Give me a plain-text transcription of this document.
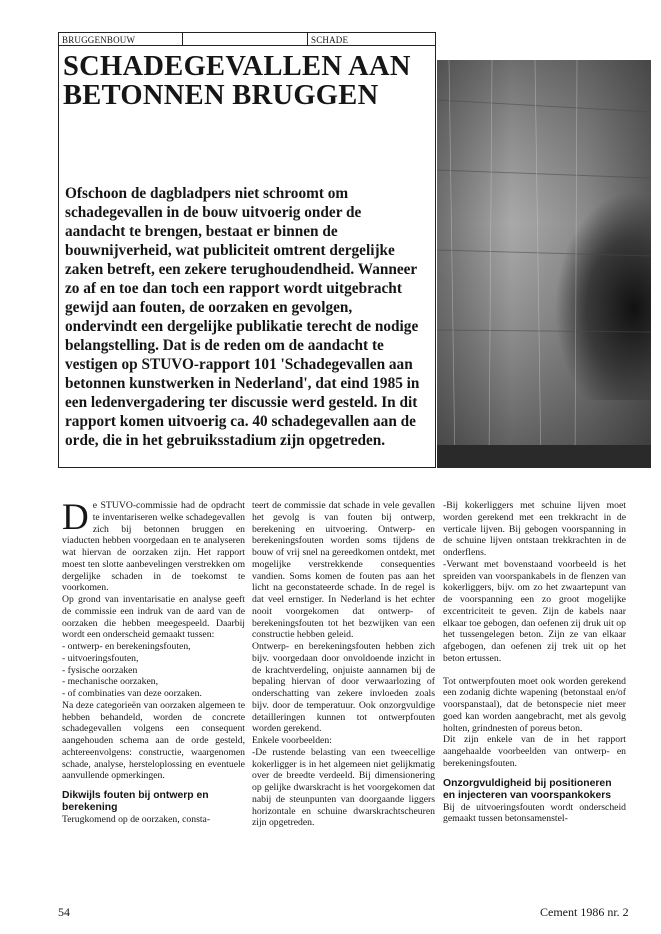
BRUGGENBOUW	SCHADE
SCHADEGEVALLEN AAN
BETONNEN BRUGGEN

Ofschoon de dagbladpers niet schroomt om schadegevallen in de bouw uitvoerig onder de aandacht te brengen, bestaat er binnen de bouwnijverheid, wat publiciteit omtrent dergelijke zaken betreft, een zekere terughoudendheid. Wanneer zo af en toe dan toch een rapport wordt uitgebracht gewijd aan fouten, de oorzaken en gevolgen, ondervindt een dergelijke publikatie terecht de nodige belangstelling. Dat is de reden om de aandacht te vestigen op STUVO-rapport 101 'Schadegevallen aan betonnen kunstwerken in Nederland', dat eind 1985 in een ledenvergadering ter discussie werd gesteld. In dit rapport komen uitvoerig ca. 40 schadegevallen aan de orde, die in het gebruiksstadium zijn opgetreden.

D e STUVO-commissie had de opdracht te inventariseren welke schadegevallen zich bij betonnen bruggen en viaducten hebben voorgedaan en te analyseren wat hiervan de oorzaken zijn. Het rapport moest ten slotte aanbevelingen verstrekken om dergelijke schaden in de toekomst te voorkomen.

Op grond van inventarisatie en analyse geeft de commissie een indruk van de aard van de oorzaken die hebben meegespeeld. Daarbij wordt een onderscheid gemaakt tussen:

- ontwerp- en berekeningsfouten,
- uitvoeringsfouten,
- fysische oorzaken
- mechanische oorzaken,
- of combinaties van deze oorzaken.

Na deze categorieën van oorzaken algemeen te hebben behandeld, worden de concrete schadegevallen volgens een consequent aangehouden schema aan de orde gesteld, achtereenvolgens: constructie, waargenomen schade, analyse, hersteloplossing en eventuele aanvullende opmerkingen.

Dikwijls fouten bij ontwerp en berekening

Terugkomend op de oorzaken, consta-

teert de commissie dat schade in vele gevallen het gevolg is van fouten bij ontwerp, berekening en uitvoering. Ontwerp- en berekeningsfouten worden soms tijdens de bouw of vrij snel na gereedkomen ontdekt, met mogelijke verstrekkende consequenties vandien. Soms komen de fouten pas aan het licht na geconstateerde schade. In de regel is dat veel ernstiger. In Nederland is het echter nooit voorgekomen dat ontwerp- of berekeningsfouten tot het bezwijken van een constructie hebben geleid.

Ontwerp- en berekeningsfouten hebben zich bijv. voorgedaan door onvoldoende inzicht in de krachtverdeling, onjuiste aannamen bij de bepaling hiervan of door verwaarlozing of onderschatting van zekere invloeden zoals bijv. door de temperatuur. Ook onzorgvuldige detailleringen kunnen tot ontwerpfouten worden gerekend.

Enkele voorbeelden:

-De rustende belasting van een tweecellige kokerligger is in het algemeen niet gelijkmatig over de breedte verdeeld. Bij dimensionering op gelijke dwarskracht is het voorgekomen dat nabij de steunpunten van doorgaande liggers horizontale en schuine dwarskrachtscheuren zijn opgetreden.

-Bij kokerliggers met schuine lijven moet worden gerekend met een trekkracht in de verticale lijven. Bij gebogen voorspanning in de schuine lijven ontstaan trekkrachten in de onderflens.

-Verwant met bovenstaand voorbeeld is het spreiden van voorspankabels in de flenzen van kokerliggers, bijv. om zo het zwaartepunt van de voorspanning een zo groot mogelijke excentriciteit te geven. Zijn de kabels naar elkaar toe gebogen, dan oefenen zij druk uit op het tussengelegen beton. Zijn ze van elkaar afgebogen, dan oefenen zij trek uit op het beton ertussen.

Tot ontwerpfouten moet ook worden gerekend een zodanig dichte wapening (betonstaal en/of voorspanstaal), dat de betonspecie niet meer goed kan worden aangebracht, met als gevolg holten, grindnesten of poreus beton.

Dit zijn enkele van de in het rapport aangehaalde voorbeelden van ontwerp- en berekeningsfouten.

Onzorgvuldigheid bij positioneren en injecteren van voorspankokers

Bij de uitvoeringsfouten wordt onderscheid gemaakt tussen betonsamenstel-

54	Cement 1986 nr. 2
